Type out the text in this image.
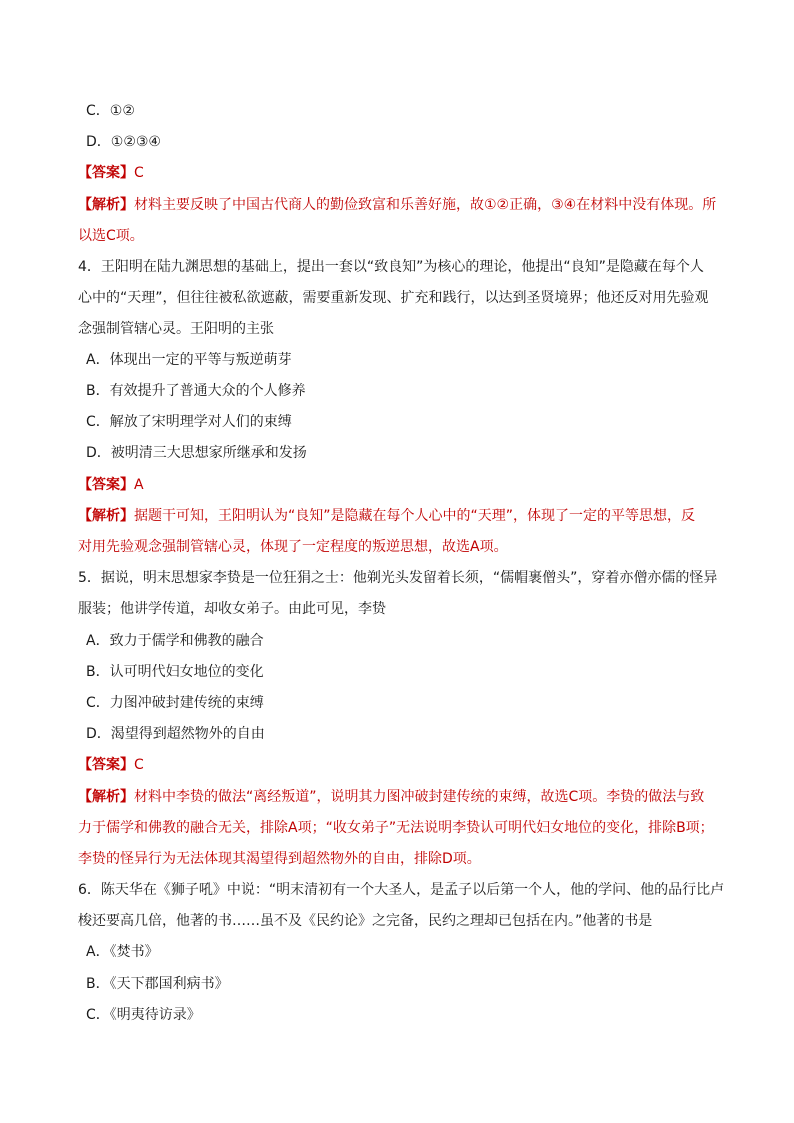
C．①②
D．①②③④
【答案】C
【解析】材料主要反映了中国古代商人的勤俭致富和乐善好施，故①②正确，③④在材料中没有体现。所
以选C项。
4．王阳明在陆九渊思想的基础上，提出一套以“致良知”为核心的理论，他提出“良知”是隐藏在每个人
心中的“天理”，但往往被私欲遮蔽，需要重新发现、扩充和践行，以达到圣贤境界；他还反对用先验观
念强制管辖心灵。王阳明的主张
A．体现出一定的平等与叛逆萌芽
B．有效提升了普通大众的个人修养
C．解放了宋明理学对人们的束缚
D．被明清三大思想家所继承和发扬
【答案】A
【解析】据题干可知，王阳明认为“良知”是隐藏在每个人心中的“天理”，体现了一定的平等思想，反
对用先验观念强制管辖心灵，体现了一定程度的叛逆思想，故选A项。
5．据说，明末思想家李贽是一位狂狷之士：他剃光头发留着长须，“儒帽裹僧头”，穿着亦僧亦儒的怪异
服装；他讲学传道，却收女弟子。由此可见，李贽
A．致力于儒学和佛教的融合
B．认可明代妇女地位的变化
C．力图冲破封建传统的束缚
D．渴望得到超然物外的自由
【答案】C
【解析】材料中李贽的做法“离经叛道”，说明其力图冲破封建传统的束缚，故选C项。李贽的做法与致
力于儒学和佛教的融合无关，排除A项；“收女弟子”无法说明李贽认可明代妇女地位的变化，排除B项；
李贽的怪异行为无法体现其渴望得到超然物外的自由，排除D项。
6．陈天华在《狮子吼》中说：“明末清初有一个大圣人，是孟子以后第一个人，他的学问、他的品行比卢
梭还要高几倍，他著的书……虽不及《民约论》之完备，民约之理却已包括在内。”他著的书是
A．《焚书》
B．《天下郡国利病书》
C．《明夷待访录》
